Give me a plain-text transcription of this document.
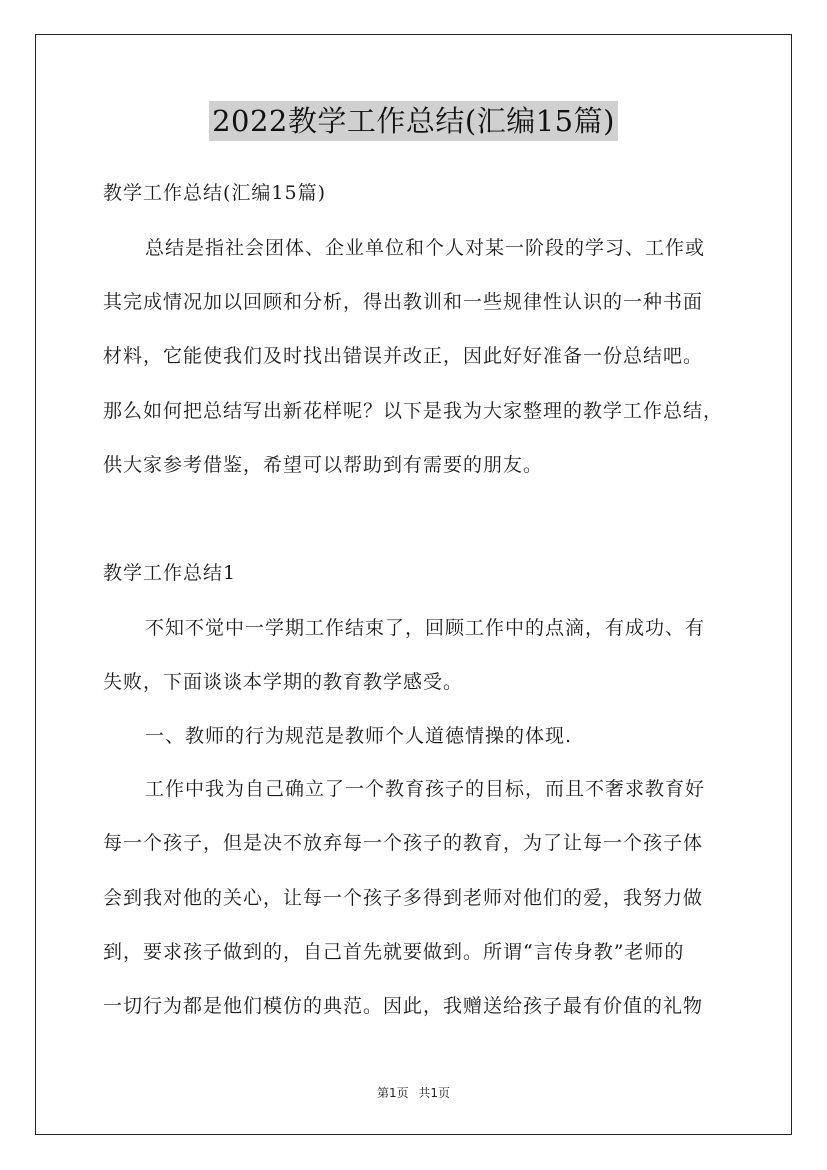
2022教学工作总结(汇编15篇)
教学工作总结(汇编15篇)
总结是指社会团体、企业单位和个人对某一阶段的学习、工作或
其完成情况加以回顾和分析，得出教训和一些规律性认识的一种书面
材料，它能使我们及时找出错误并改正，因此好好准备一份总结吧。
那么如何把总结写出新花样呢？以下是我为大家整理的教学工作总结，
供大家参考借鉴，希望可以帮助到有需要的朋友。
教学工作总结1
不知不觉中一学期工作结束了，回顾工作中的点滴，有成功、有
失败，下面谈谈本学期的教育教学感受。
一、教师的行为规范是教师个人道德情操的体现.
工作中我为自己确立了一个教育孩子的目标，而且不奢求教育好
每一个孩子，但是决不放弃每一个孩子的教育，为了让每一个孩子体
会到我对他的关心，让每一个孩子多得到老师对他们的爱，我努力做
到，要求孩子做到的，自己首先就要做到。所谓“言传身教”老师的
一切行为都是他们模仿的典范。因此，我赠送给孩子最有价值的礼物
第1页 共1页
